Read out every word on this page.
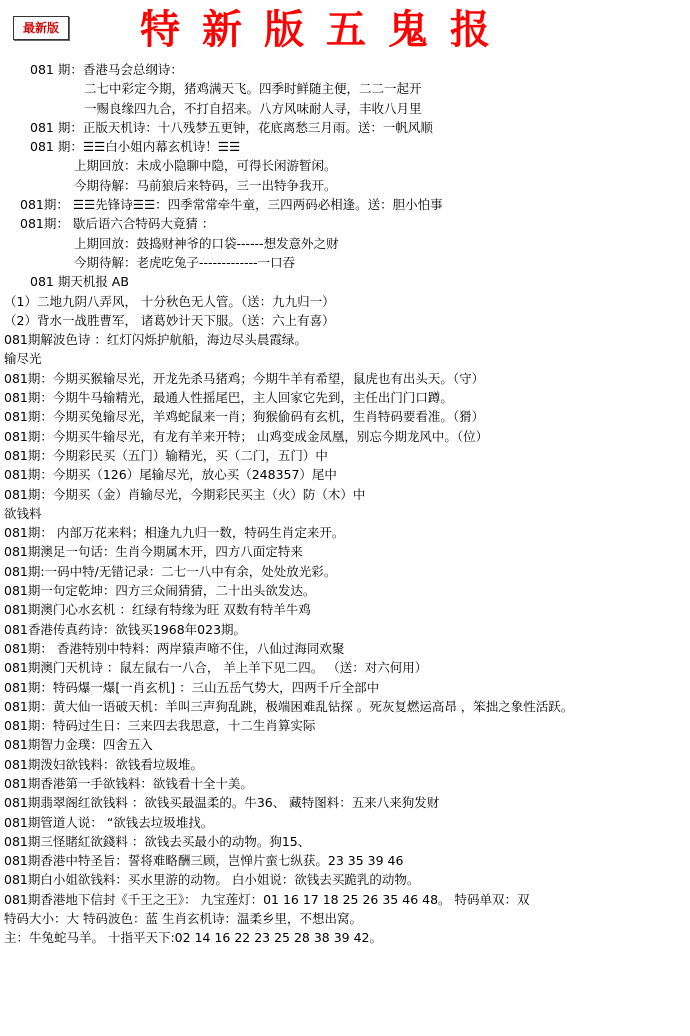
最新版 特新版五鬼报
081 期：香港马会总纲诗：
二七中彩定今期，猪鸡满天飞。四季时鲜随主便，二二一起开
一赐良缘四九合，不打自招来。八方风味耐人寻，丰收八月里
081 期：正版天机诗：十八残梦五更钟，花底离愁三月雨。送：一帆风顺
081 期：☰☰白小姐内幕玄机诗！☰☰
上期回放：未成小隐聊中隐，可得长闲游暂闲。
今期待解：马前狼后来特码，三一出特争我开。
081期： ☰☰先锋诗☰☰：四季常常牵牛童，三四两码必相逢。送：胆小怕事
081期： 歇后语六合特码大竟猜 ：
上期回放：鼓捣财神爷的口袋------想发意外之财
今期待解：老虎吃兔子-------------一口吞
081 期天机报 AB
（1）二地九阴八弄风， 十分秋色无人管。（送：九九归一）
（2）背水一战胜曹军， 诸葛妙计天下服。（送：六上有喜）
081期解波色诗 ：红灯闪烁护航船，海边尽头晨霞绿。
输尽光
081期：今期买猴输尽光，开龙先杀马猪鸡；今期牛羊有希望，鼠虎也有出头天。（守）
081期：今期牛马输精光，最通人性摇尾巴，主人回家它先到，主任出门门口蹲。
081期：今期买兔输尽光，羊鸡蛇鼠来一肖；狗猴偷码有玄机，生肖特码要看准。（猾）
081期：今期买牛输尽光，有龙有羊来开特； 山鸡变成金凤凰，别忘今期龙风中。（位）
081期：今期彩民买（五门）输精光，买（二门，五门）中
081期：今期买（126）尾输尽光，放心买（248357）尾中
081期：今期买（金）肖输尽光，今期彩民买主（火）防（木）中
欲钱料
081期： 内部万花来料；相逢九九归一数，特码生肖定来开。
081期澳足一句话：生肖今期属木开，四方八面定特来
081期:一码中特/无错记录：二七一八中有余，处处放光彩。
081期一句定乾坤：四方三众闹猜猜，二十出头欲发达。
081期澳门心水玄机 ：红绿有特缘为旺 双数有特羊牛鸡
081香港传真药诗：欲钱买1968年023期。
081期： 香港特别中特料：两岸猿声啼不住，八仙过海同欢聚
081期澳门天机诗 ：鼠左鼠右一八合， 羊上羊下见二四。 （送：对六何用）
081期：特码爆一爆[一肖玄机] ：三山五岳气势大，四两千斤全部中
081期：黄大仙一语破天机：羊叫三声狗乱跳，极端困难乱钻探 。死灰复燃运高昂 ，笨拙之象性活跃。
081期：特码过生日：三来四去我思意，十二生肖算实际
081期智力金璞：四舍五入
081期泼妇欲钱料：欲钱看垃圾堆。
081期香港第一手欲钱料：欲钱看十全十美。
081期翡翠阁红欲钱料 ：欲钱买最温柔的。牛36、 藏特图料：五来八来狗发财
081期管道人说： “欲钱去垃圾堆找。
081期三怪賭紅欲錢料 ：欲钱去买最小的动物。狗15、
081期香港中特圣旨：誓将难略酬三顾，岂惮片蛮七纵获。23 35 39 46
081期白小姐欲钱料：买水里游的动物。 白小姐说：欲钱去买跪乳的动物。
081期香港地下信封《千王之王》： 九宝莲灯：01 16 17 18 25 26 35 46 48。 特码单双：双
特码大小：大 特码波色：蓝 生肖玄机诗：温柔乡里，不想出窝。
主：牛兔蛇马羊。 十指平天下:02 14 16 22 23 25 28 38 39 42。
